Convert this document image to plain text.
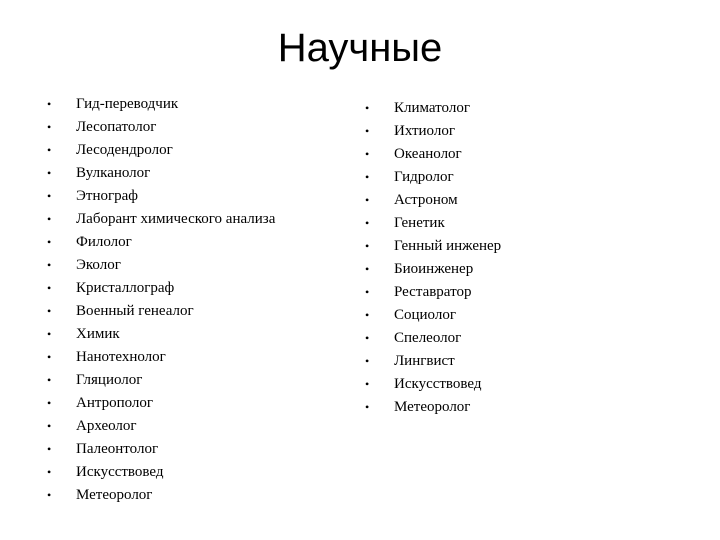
Научные
•	Гид-переводчик
•	Лесопатолог
•	Лесодендролог
•	Вулканолог
•	Этнограф
•	Лаборант химического анализа
•	Филолог
•	Эколог
•	Кристаллограф
•	Военный генеалог
•	Химик
•	Нанотехнолог
•	Гляциолог
•	Антрополог
•	Археолог
•	Палеонтолог
•	Искусствовед
•	Метеоролог
•	Климатолог
•	Ихтиолог
•	Океанолог
•	Гидролог
•	Астроном
•	Генетик
•	Генный инженер
•	Биоинженер
•	Реставратор
•	Социолог
•	Спелеолог
•	Лингвист
•	Искусствовед
•	Метеоролог
